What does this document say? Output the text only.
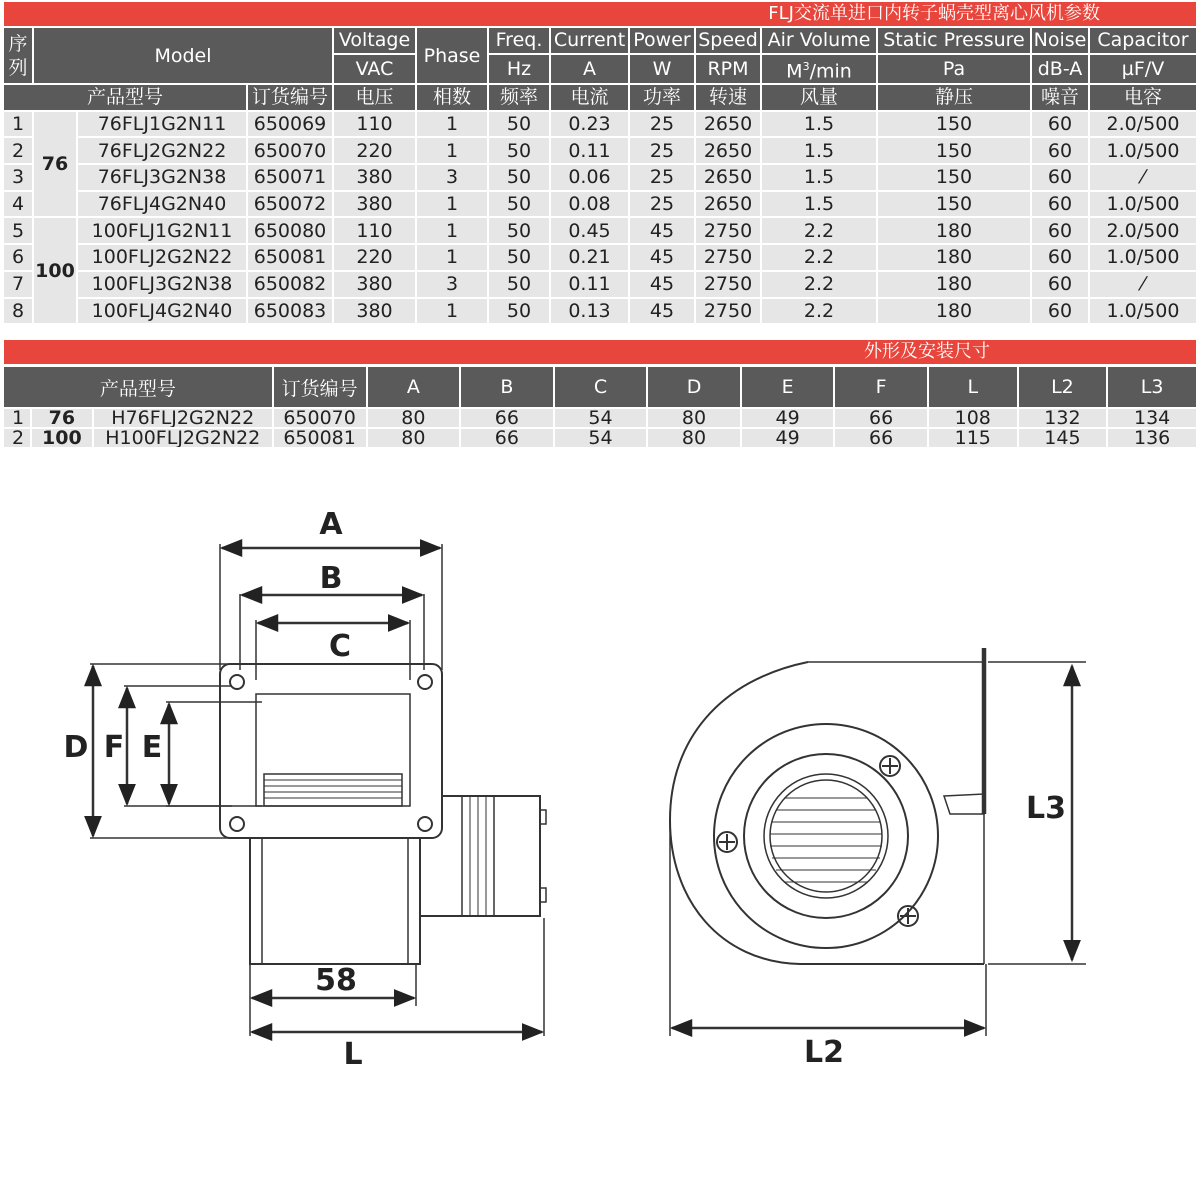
FLJ交流单进口内转子蜗壳型离心风机参数
序列	Model			Voltage	Phase	Freq.	Current	Power	Speed	Air Volume	Static Pressure	Noise	Capacitor
				VAC		Hz	A	W	RPM	$M^3/\min$	Pa	dB-A	µF/V
产品型号			订货编号	电压	相数	频率	电流	功率	转速	风量	静压	噪音	电容
1	76	76FLJ1G2N11	650069	110	1	50	0.23	25	2650	1.5	150	60	2.0/500
2		76FLJ2G2N22	650070	220	1	50	0.11	25	2650	1.5	150	60	1.0/500
3		76FLJ3G2N38	650071	380	3	50	0.06	25	2650	1.5	150	60	⁄
4		76FLJ4G2N40	650072	380	1	50	0.08	25	2650	1.5	150	60	1.0/500
5	100	100FLJ1G2N11	650080	110	1	50	0.45	45	2750	2.2	180	60	2.0/500
6		100FLJ2G2N22	650081	220	1	50	0.21	45	2750	2.2	180	60	1.0/500
7		100FLJ3G2N38	650082	380	3	50	0.11	45	2750	2.2	180	60	⁄
8		100FLJ4G2N40	650083	380	1	50	0.13	45	2750	2.2	180	60	1.0/500
外形及安装尺寸
产品型号			订货编号	A	B	C	D	E	F	L	L2	L3
1	76	H76FLJ2G2N22	650070	80	66	54	80	49	66	108	132	134
2	100	H100FLJ2G2N22	650081	80	66	54	80	49	66	115	145	136
A
B
C
D F E
58
L
L3
L2
